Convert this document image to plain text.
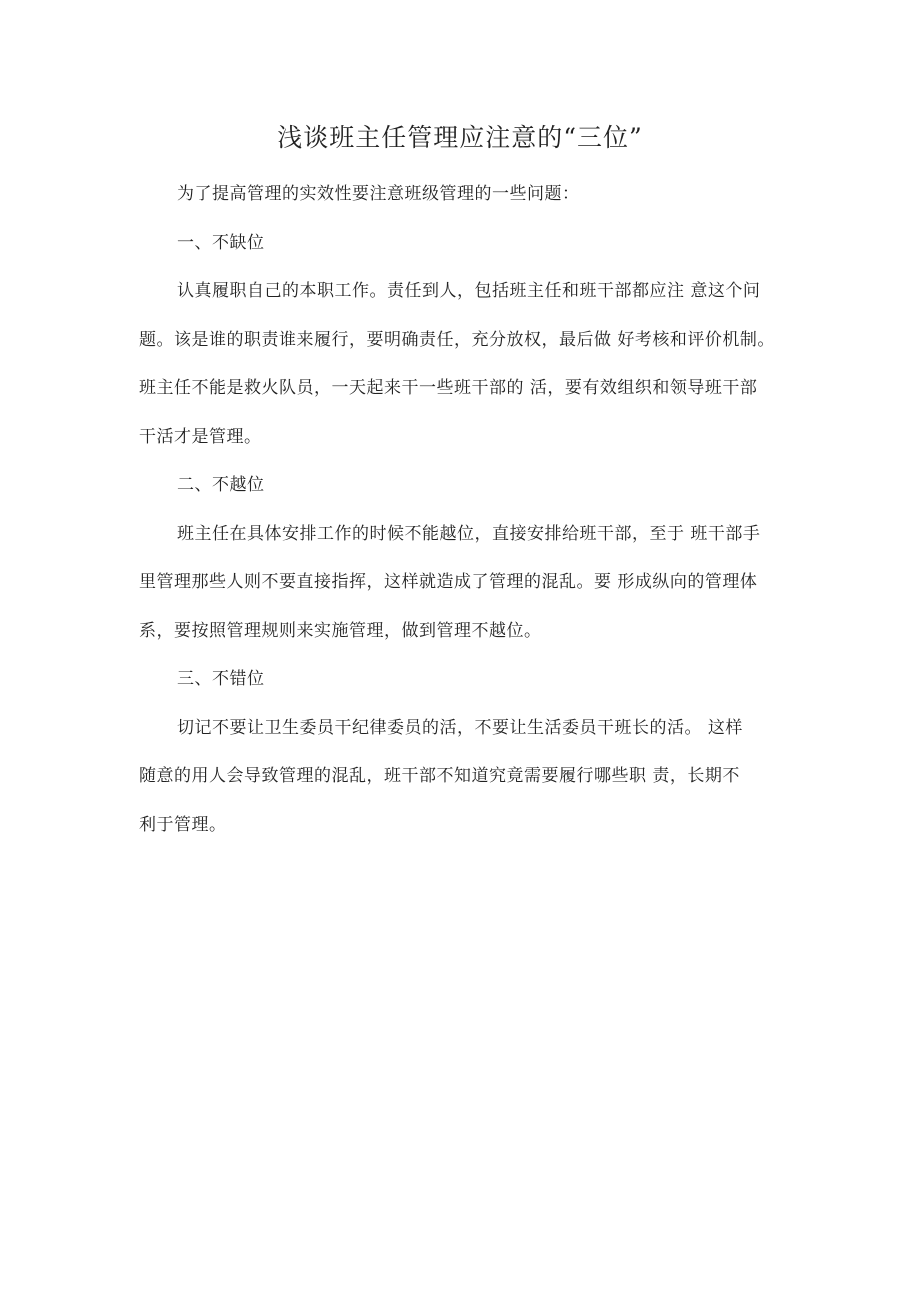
浅谈班主任管理应注意的“三位”

为了提高管理的实效性要注意班级管理的一些问题：

一、不缺位

认真履职自己的本职工作。责任到人，包括班主任和班干部都应注 意这个问
题。该是谁的职责谁来履行，要明确责任，充分放权，最后做 好考核和评价机制。
班主任不能是救火队员，一天起来干一些班干部的 活，要有效组织和领导班干部
干活才是管理。

二、不越位

班主任在具体安排工作的时候不能越位，直接安排给班干部，至于 班干部手
里管理那些人则不要直接指挥，这样就造成了管理的混乱。要 形成纵向的管理体
系，要按照管理规则来实施管理，做到管理不越位。

三、不错位

切记不要让卫生委员干纪律委员的活，不要让生活委员干班长的活。 这样
随意的用人会导致管理的混乱，班干部不知道究竟需要履行哪些职 责，长期不
利于管理。
